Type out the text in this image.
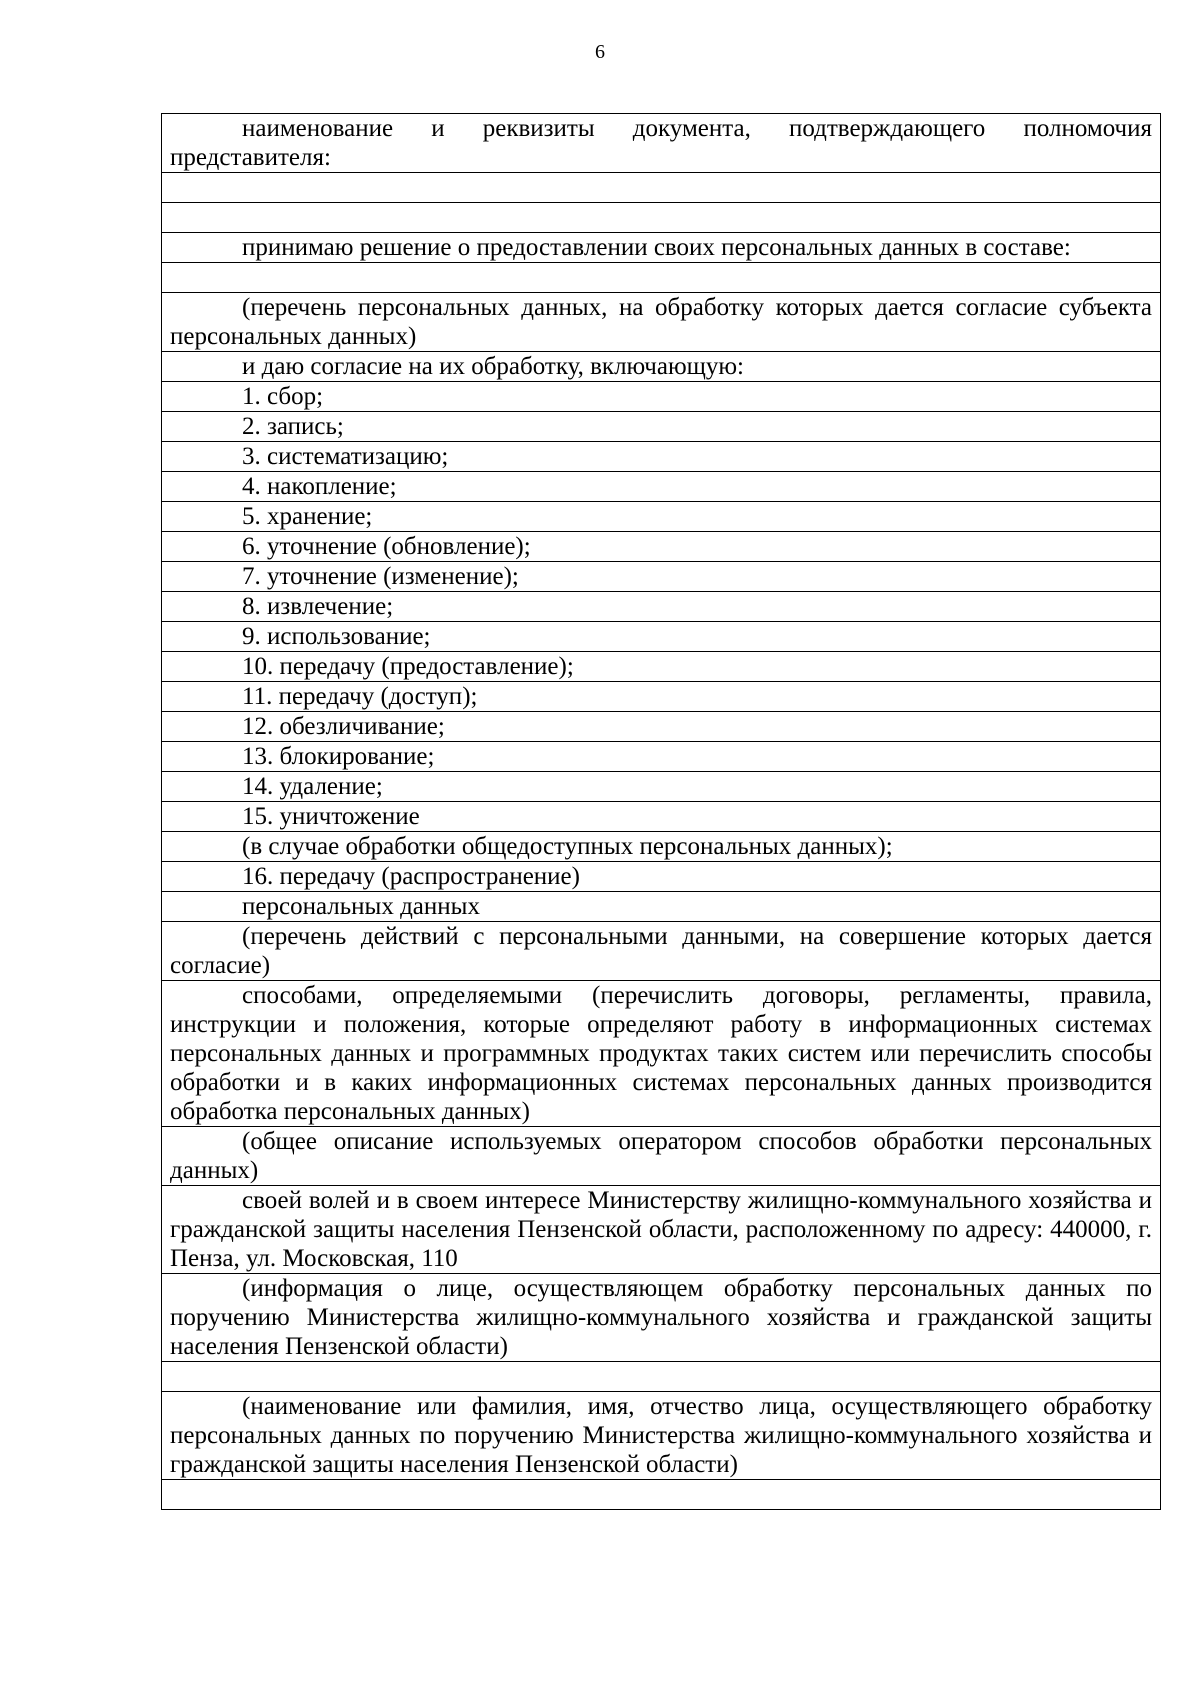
6
наименование и реквизиты документа, подтверждающего полномочия представителя:

принимаю решение о предоставлении своих персональных данных в составе:

(перечень персональных данных, на обработку которых дается согласие субъекта персональных данных)
и даю согласие на их обработку, включающую:
1. сбор;
2. запись;
3. систематизацию;
4. накопление;
5. хранение;
6. уточнение (обновление);
7. уточнение (изменение);
8. извлечение;
9. использование;
10. передачу (предоставление);
11. передачу (доступ);
12. обезличивание;
13. блокирование;
14. удаление;
15. уничтожение
(в случае обработки общедоступных персональных данных);
16. передачу (распространение)
персональных данных
(перечень действий с персональными данными, на совершение которых дается согласие)
способами, определяемыми (перечислить договоры, регламенты, правила, инструкции и положения, которые определяют работу в информационных системах персональных данных и программных продуктах таких систем или перечислить способы обработки и в каких информационных системах персональных данных производится обработка персональных данных)
(общее описание используемых оператором способов обработки персональных данных)
своей волей и в своем интересе Министерству жилищно-коммунального хозяйства и гражданской защиты населения Пензенской области, расположенному по адресу: 440000, г. Пенза, ул. Московская, 110
(информация о лице, осуществляющем обработку персональных данных по поручению Министерства жилищно-коммунального хозяйства и гражданской защиты населения Пензенской области)

(наименование или фамилия, имя, отчество лица, осуществляющего обработку персональных данных по поручению Министерства жилищно-коммунального хозяйства и гражданской защиты населения Пензенской области)
